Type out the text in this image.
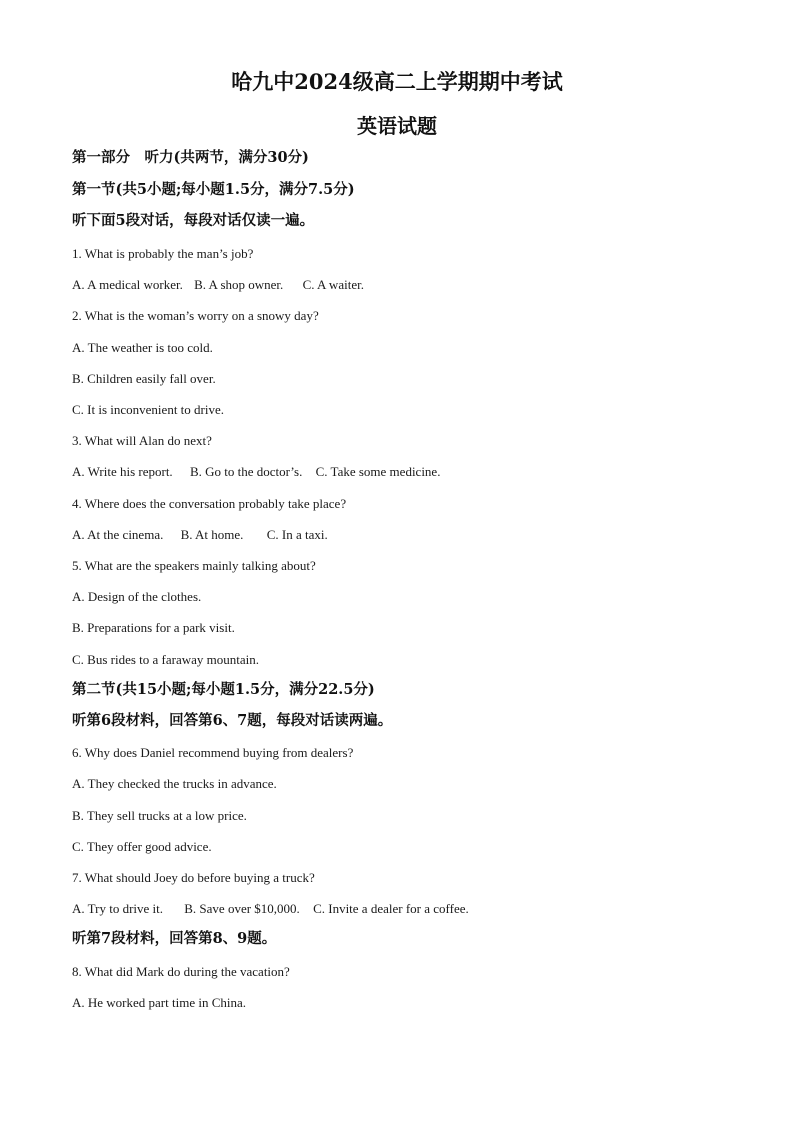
哈九中2024级高二上学期期中考试
英语试题
第一部分　听力(共两节，满分30分)
第一节(共5小题;每小题1.5分，满分7.5分)
听下面5段对话，每段对话仅读一遍。
1. What is probably the man’s job?
A. A medical worker. B. A shop owner. C. A waiter.
2. What is the woman’s worry on a snowy day?
A. The weather is too cold.
B. Children easily fall over.
C. It is inconvenient to drive.
3. What will Alan do next?
A. Write his report. B. Go to the doctor’s. C. Take some medicine.
4. Where does the conversation probably take place?
A. At the cinema. B. At home. C. In a taxi.
5. What are the speakers mainly talking about?
A. Design of the clothes.
B. Preparations for a park visit.
C. Bus rides to a faraway mountain.
第二节(共15小题;每小题1.5分，满分22.5分)
听第6段材料，回答第6、7题，每段对话读两遍。
6. Why does Daniel recommend buying from dealers?
A. They checked the trucks in advance.
B. They sell trucks at a low price.
C. They offer good advice.
7. What should Joey do before buying a truck?
A. Try to drive it. B. Save over $10,000. C. Invite a dealer for a coffee.
听第7段材料，回答第8、9题。
8. What did Mark do during the vacation?
A. He worked part time in China.
